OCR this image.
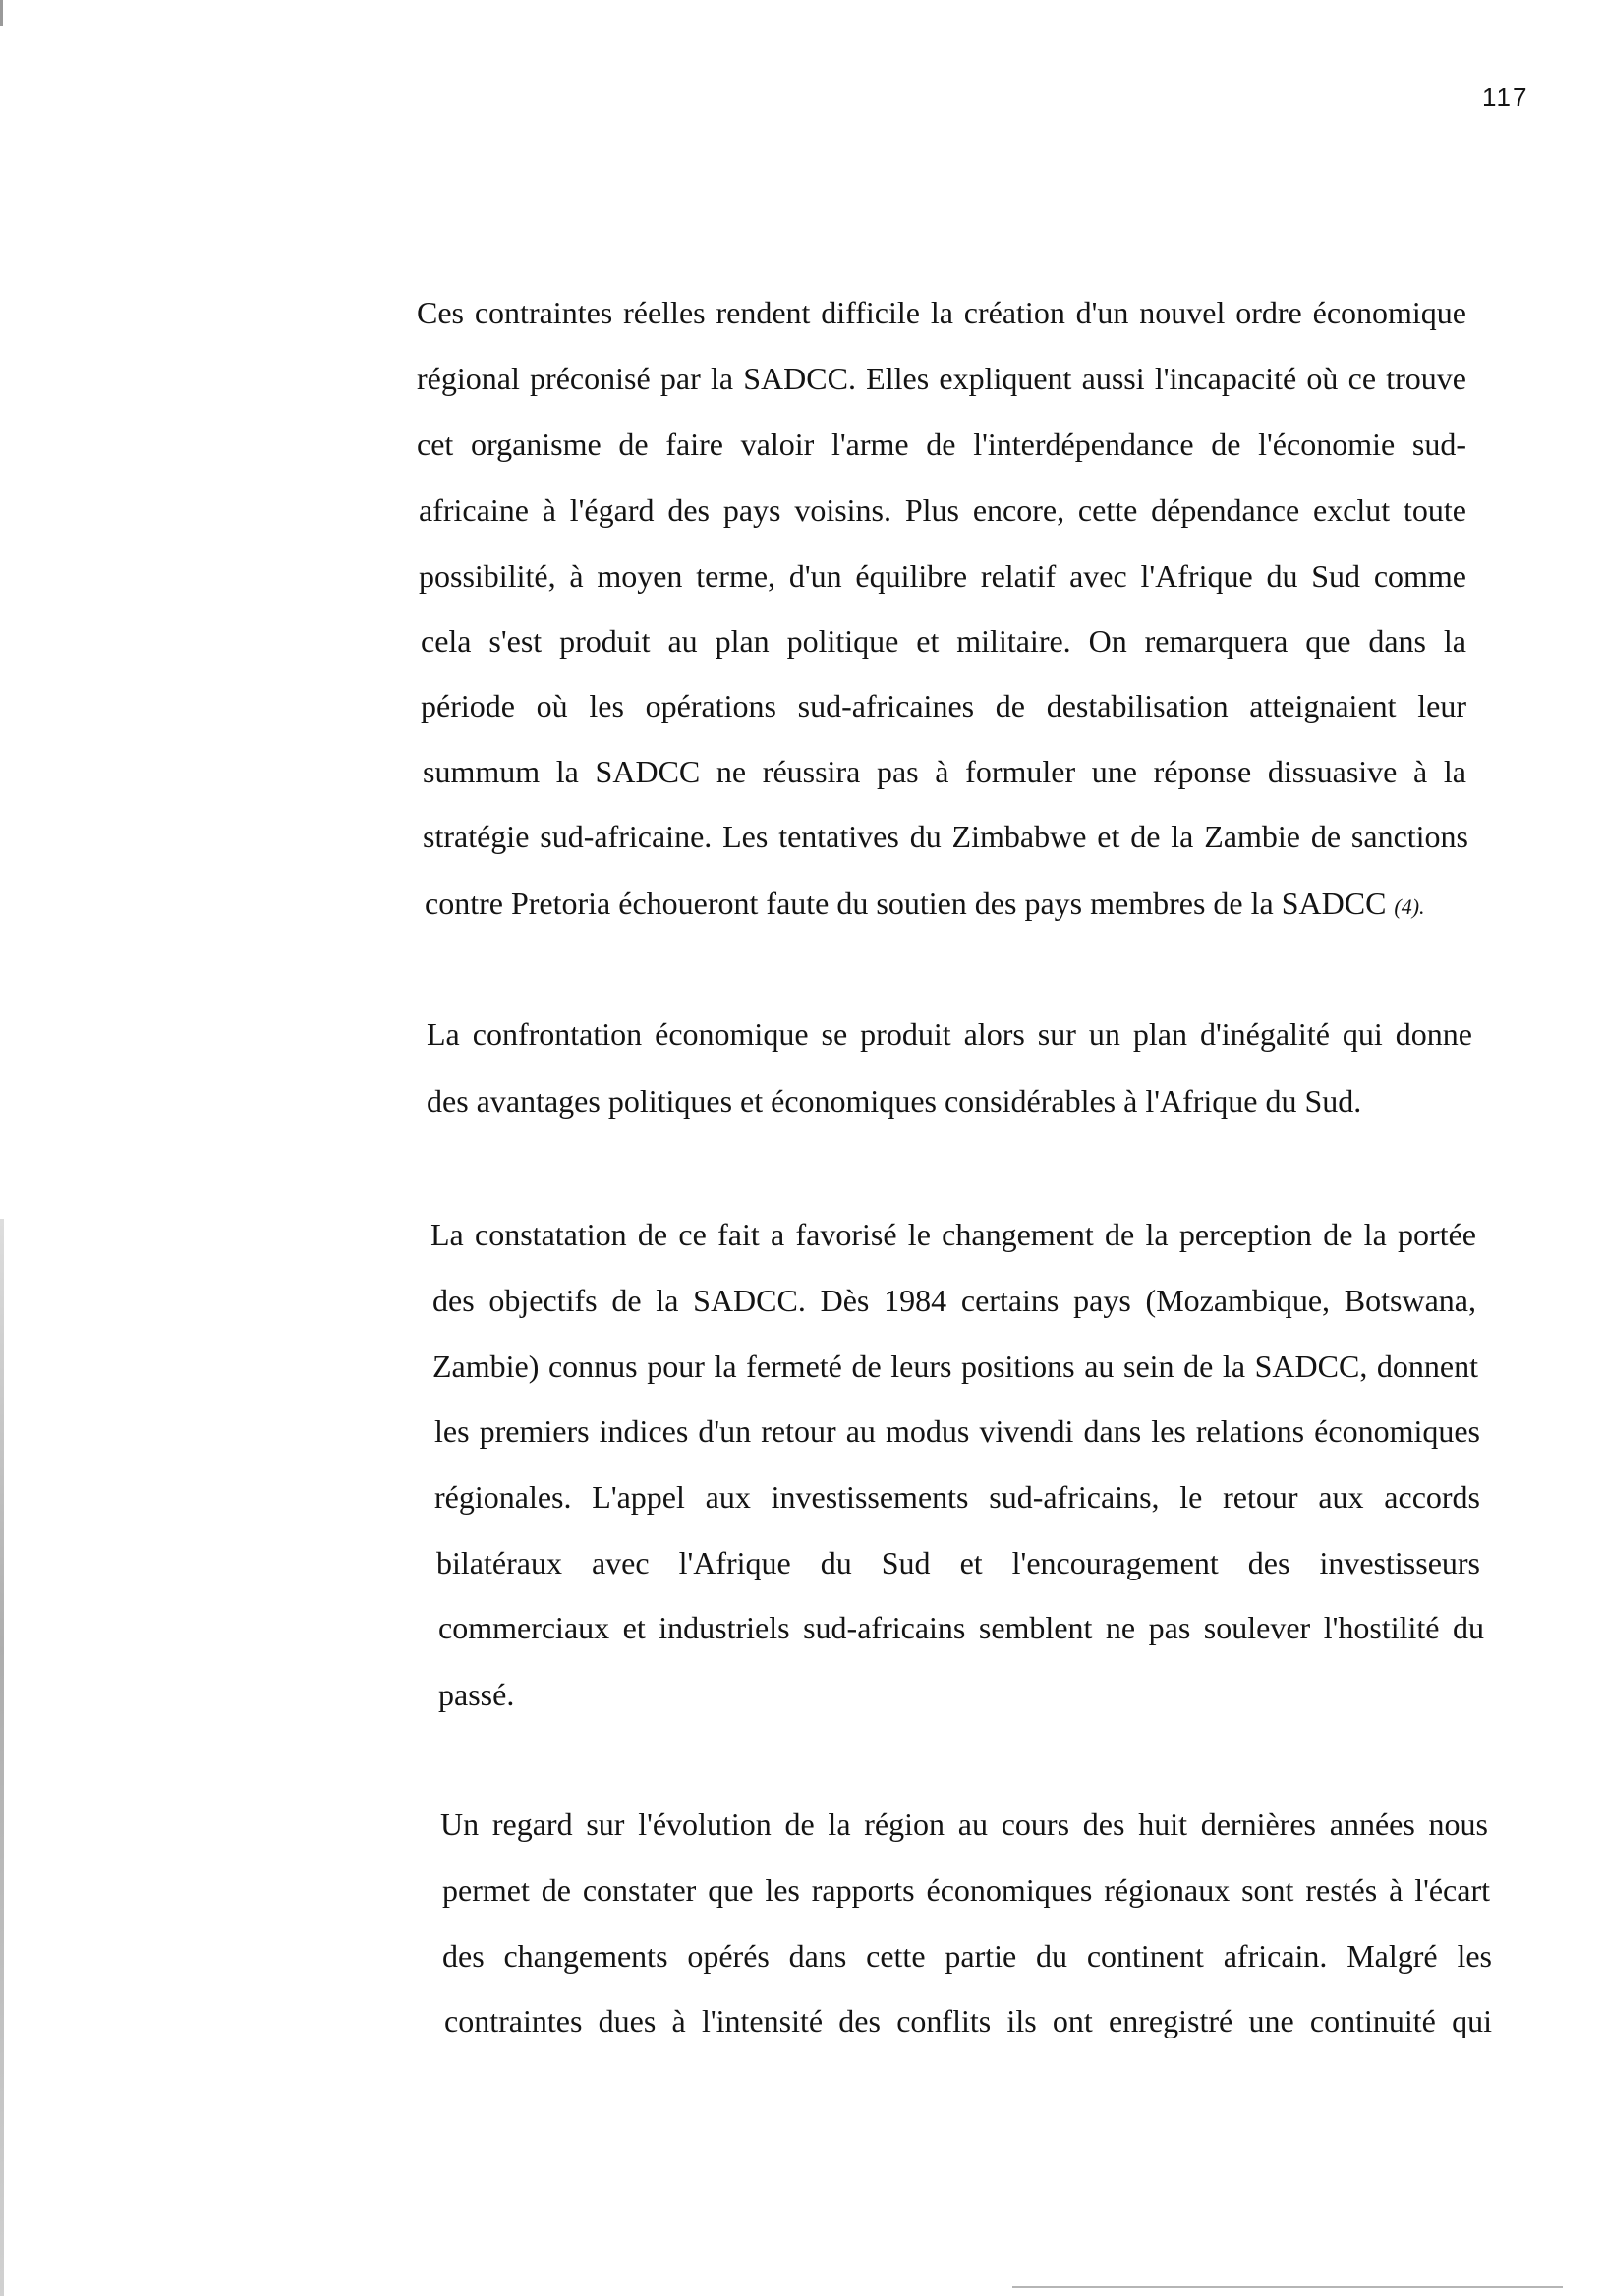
117
Ces contraintes réelles rendent difficile la création d'un nouvel ordre économique
régional préconisé par la SADCC. Elles expliquent aussi l'incapacité où ce trouve
cet organisme de faire valoir l'arme de l'interdépendance de l'économie sud-
africaine à l'égard des pays voisins. Plus encore, cette dépendance exclut toute
possibilité, à moyen terme, d'un équilibre relatif avec l'Afrique du Sud comme
cela s'est produit au plan politique et militaire. On remarquera que dans la
période où les opérations sud-africaines de destabilisation atteignaient leur
summum la SADCC ne réussira pas à formuler une réponse dissuasive à la
stratégie sud-africaine. Les tentatives du Zimbabwe et de la Zambie de sanctions
contre Pretoria échoueront faute du soutien des pays membres de la SADCC (4).
La confrontation économique se produit alors sur un plan d'inégalité qui donne
des avantages politiques et économiques considérables à l'Afrique du Sud.
La constatation de ce fait a favorisé le changement de la perception de la portée
des objectifs de la SADCC. Dès 1984 certains pays (Mozambique, Botswana,
Zambie) connus pour la fermeté de leurs positions au sein de la SADCC, donnent
les premiers indices d'un retour au modus vivendi dans les relations économiques
régionales. L'appel aux investissements sud-africains, le retour aux accords
bilatéraux avec l'Afrique du Sud et l'encouragement des investisseurs
commerciaux et industriels sud-africains semblent ne pas soulever l'hostilité du
passé.
Un regard sur l'évolution de la région au cours des huit dernières années nous
permet de constater que les rapports économiques régionaux sont restés à l'écart
des changements opérés dans cette partie du continent africain. Malgré les
contraintes dues à l'intensité des conflits ils ont enregistré une continuité qui
